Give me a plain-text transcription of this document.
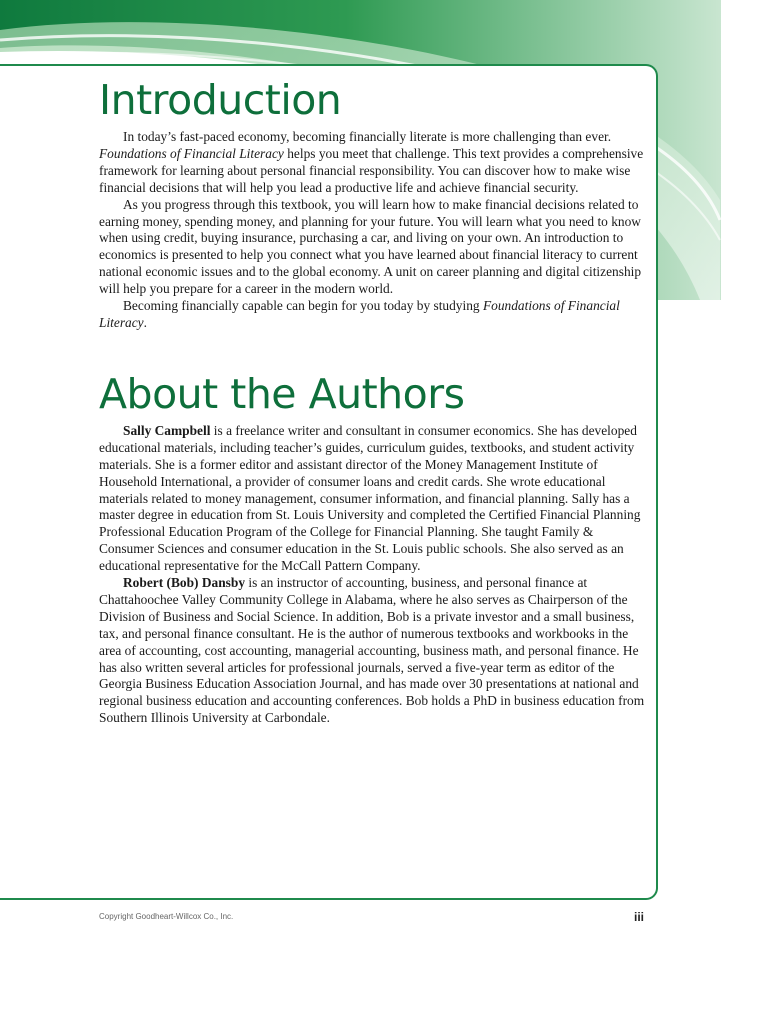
Introduction

In today’s fast-paced economy, becoming financially literate is more challenging than ever. Foundations of Financial Literacy helps you meet that challenge. This text provides a comprehensive framework for learning about personal financial responsibility. You can discover how to make wise financial decisions that will help you lead a productive life and achieve financial security.

As you progress through this textbook, you will learn how to make financial decisions related to earning money, spending money, and planning for your future. You will learn what you need to know when using credit, buying insurance, purchasing a car, and living on your own. An introduction to economics is presented to help you connect what you have learned about financial literacy to current national economic issues and to the global economy. A unit on career planning and digital citizenship will help you prepare for a career in the modern world.

Becoming financially capable can begin for you today by studying Foundations of Financial Literacy.

About the Authors

Sally Campbell is a freelance writer and consultant in consumer economics. She has developed educational materials, including teacher’s guides, curriculum guides, textbooks, and student activity materials. She is a former editor and assistant director of the Money Management Institute of Household International, a provider of consumer loans and credit cards. She wrote educational materials related to money management, consumer information, and financial planning. Sally has a master degree in education from St. Louis University and completed the Certified Financial Planning Professional Education Program of the College for Financial Planning. She taught Family & Consumer Sciences and consumer education in the St. Louis public schools. She also served as an educational representative for the McCall Pattern Company.

Robert (Bob) Dansby is an instructor of accounting, business, and personal finance at Chattahoochee Valley Community College in Alabama, where he also serves as Chairperson of the Division of Business and Social Science. In addition, Bob is a private investor and a small business, tax, and personal finance consultant. He is the author of numerous textbooks and workbooks in the area of accounting, cost accounting, managerial accounting, business math, and personal finance. He has also written several articles for professional journals, served a five-year term as editor of the Georgia Business Education Association Journal, and has made over 30 presentations at national and regional business education and accounting conferences. Bob holds a PhD in business education from Southern Illinois University at Carbondale.

Copyright Goodheart-Willcox Co., Inc.	iii
